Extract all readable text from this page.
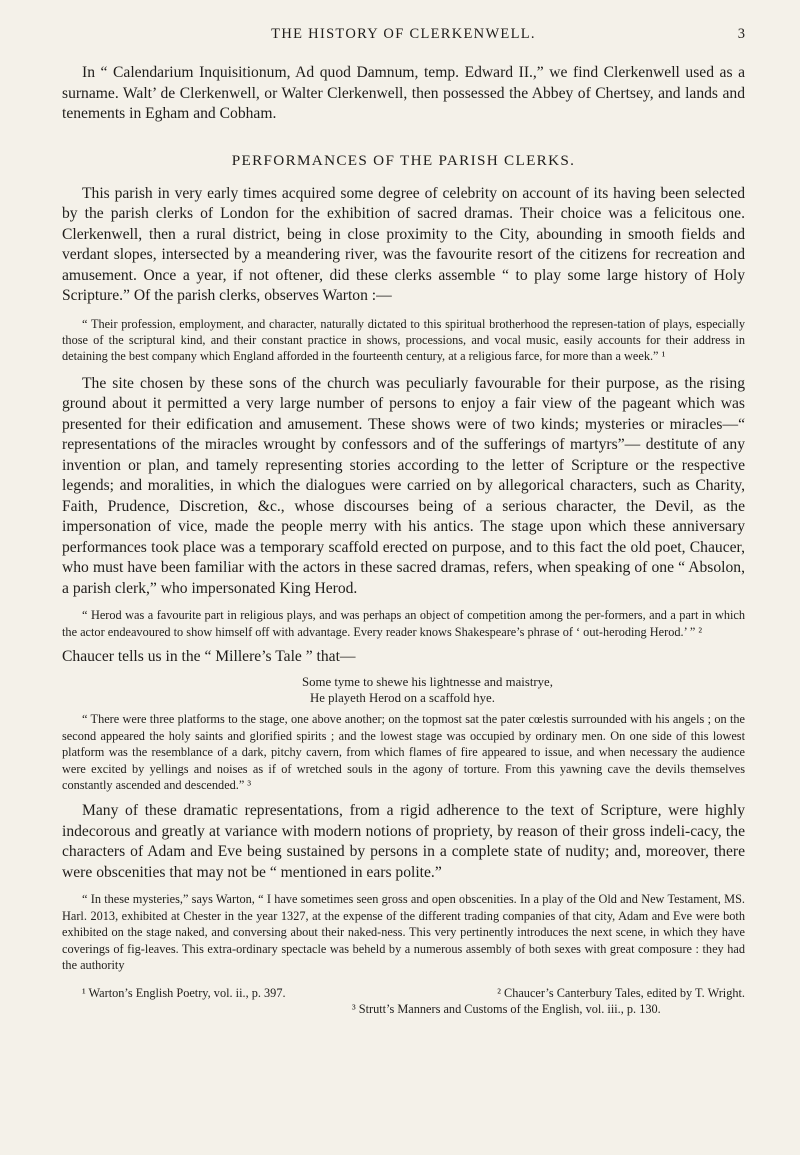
THE HISTORY OF CLERKENWELL.	3

In “ Calendarium Inquisitionum, Ad quod Damnum, temp. Edward II.,” we find Clerkenwell used as a surname. Walt’ de Clerkenwell, or Walter Clerkenwell, then possessed the Abbey of Chertsey, and lands and tenements in Egham and Cobham.

PERFORMANCES OF THE PARISH CLERKS.

This parish in very early times acquired some degree of celebrity on account of its having been selected by the parish clerks of London for the exhibition of sacred dramas. Their choice was a felicitous one. Clerkenwell, then a rural district, being in close proximity to the City, abounding in smooth fields and verdant slopes, intersected by a meandering river, was the favourite resort of the citizens for recreation and amusement. Once a year, if not oftener, did these clerks assemble “ to play some large history of Holy Scripture.” Of the parish clerks, observes Warton :—

“ Their profession, employment, and character, naturally dictated to this spiritual brotherhood the represen-tation of plays, especially those of the scriptural kind, and their constant practice in shows, processions, and vocal music, easily accounts for their address in detaining the best company which England afforded in the fourteenth century, at a religious farce, for more than a week.” ¹

The site chosen by these sons of the church was peculiarly favourable for their purpose, as the rising ground about it permitted a very large number of persons to enjoy a fair view of the pageant which was presented for their edification and amusement. These shows were of two kinds; mysteries or miracles—“ representations of the miracles wrought by confessors and of the sufferings of martyrs”— destitute of any invention or plan, and tamely representing stories according to the letter of Scripture or the respective legends; and moralities, in which the dialogues were carried on by allegorical characters, such as Charity, Faith, Prudence, Discretion, &c., whose discourses being of a serious character, the Devil, as the impersonation of vice, made the people merry with his antics. The stage upon which these anniversary performances took place was a temporary scaffold erected on purpose, and to this fact the old poet, Chaucer, who must have been familiar with the actors in these sacred dramas, refers, when speaking of one “ Absolon, a parish clerk,” who impersonated King Herod.

“ Herod was a favourite part in religious plays, and was perhaps an object of competition among the per-formers, and a part in which the actor endeavoured to show himself off with advantage. Every reader knows Shakespeare’s phrase of ‘ out-heroding Herod.’ ” ²

Chaucer tells us in the “ Millere’s Tale ” that—

Some tyme to shewe his lightnesse and maistrye,
He playeth Herod on a scaffold hye.

“ There were three platforms to the stage, one above another; on the topmost sat the pater cœlestis surrounded with his angels ; on the second appeared the holy saints and glorified spirits ; and the lowest stage was occupied by ordinary men. On one side of this lowest platform was the resemblance of a dark, pitchy cavern, from which flames of fire appeared to issue, and when necessary the audience were excited by yellings and noises as if of wretched souls in the agony of torture. From this yawning cave the devils themselves constantly ascended and descended.” ³

Many of these dramatic representations, from a rigid adherence to the text of Scripture, were highly indecorous and greatly at variance with modern notions of propriety, by reason of their gross indeli-cacy, the characters of Adam and Eve being sustained by persons in a complete state of nudity; and, moreover, there were obscenities that may not be “ mentioned in ears polite.”

“ In these mysteries,” says Warton, “ I have sometimes seen gross and open obscenities. In a play of the Old and New Testament, MS. Harl. 2013, exhibited at Chester in the year 1327, at the expense of the different trading companies of that city, Adam and Eve were both exhibited on the stage naked, and conversing about their naked-ness. This very pertinently introduces the next scene, in which they have coverings of fig-leaves. This extra-ordinary spectacle was beheld by a numerous assembly of both sexes with great composure : they had the authority

¹ Warton’s English Poetry, vol. ii., p. 397.	² Chaucer’s Canterbury Tales, edited by T. Wright.
³ Strutt’s Manners and Customs of the English, vol. iii., p. 130.
